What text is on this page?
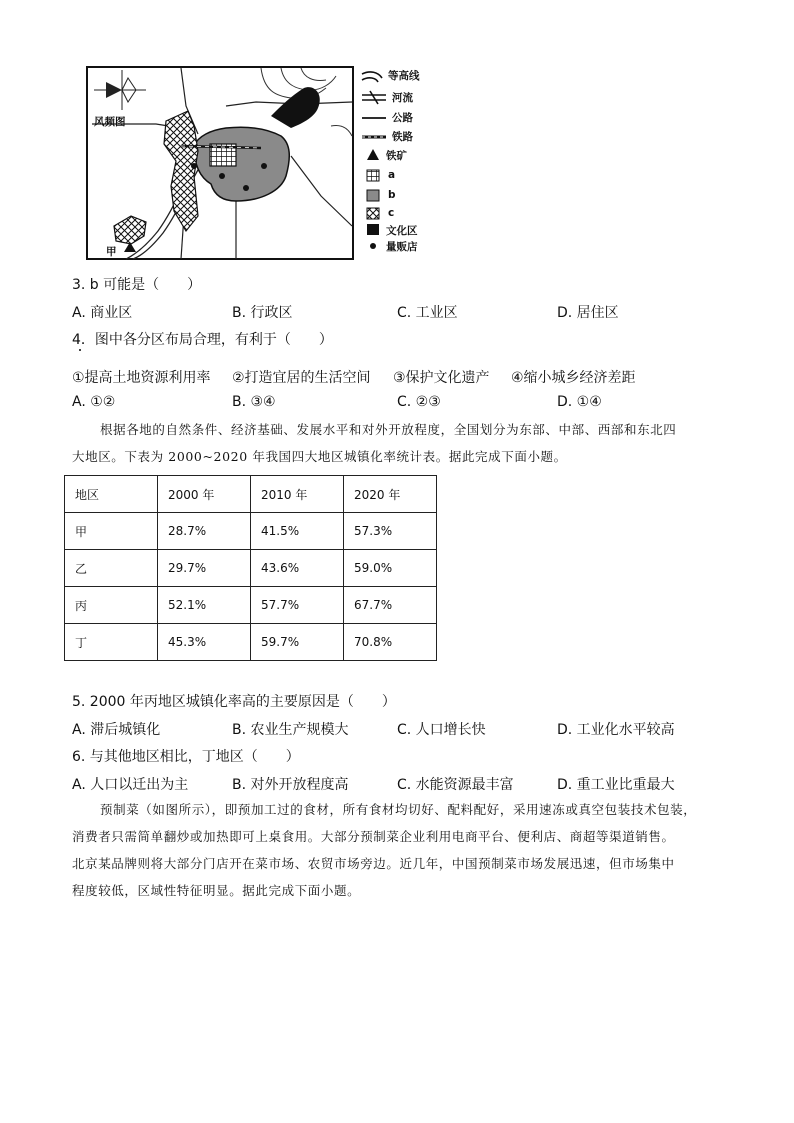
风频图
甲
等高线
河流
公路
铁路
铁矿
a
b
c
文化区
量贩店
3. b 可能是（　　）
A. 商业区	B. 行政区	C. 工业区	D. 居住区
4．图中各分区布局合理，有利于（　　）
①提高土地资源利用率 ②打造宜居的生活空间 ③保护文化遗产 ④缩小城乡经济差距
A. ①②	B. ③④	C. ②③	D. ①④
根据各地的自然条件、经济基础、发展水平和对外开放程度，全国划分为东部、中部、西部和东北四
大地区。下表为 2000~2020 年我国四大地区城镇化率统计表。据此完成下面小题。
地区	2000 年	2010 年	2020 年
甲	28.7%	41.5%	57.3%
乙	29.7%	43.6%	59.0%
丙	52.1%	57.7%	67.7%
丁	45.3%	59.7%	70.8%
5. 2000 年丙地区城镇化率高的主要原因是（　　）
A. 滞后城镇化	B. 农业生产规模大	C. 人口增长快	D. 工业化水平较高
6. 与其他地区相比，丁地区（　　）
A. 人口以迁出为主	B. 对外开放程度高	C. 水能资源最丰富	D. 重工业比重最大
预制菜（如图所示），即预加工过的食材，所有食材均切好、配料配好，采用速冻或真空包装技术包装，
消费者只需简单翻炒或加热即可上桌食用。大部分预制菜企业利用电商平台、便利店、商超等渠道销售。
北京某品牌则将大部分门店开在菜市场、农贸市场旁边。近几年，中国预制菜市场发展迅速，但市场集中
程度较低，区域性特征明显。据此完成下面小题。
